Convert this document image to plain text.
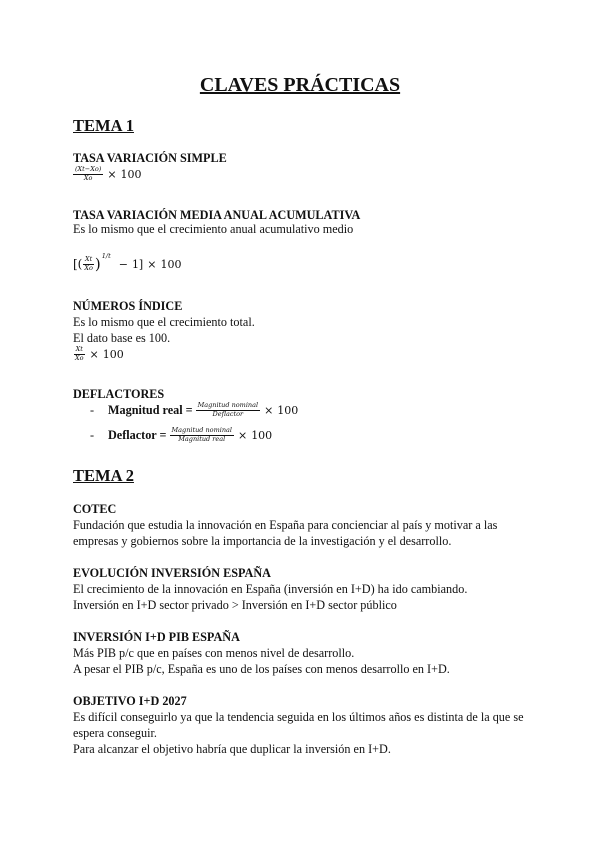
CLAVES PRÁCTICAS
TEMA 1
TASA VARIACIÓN SIMPLE
$\frac{(Xt-Xo)}{Xo} \times 100$
TASA VARIACIÓN MEDIA ANUAL ACUMULATIVA
Es lo mismo que el crecimiento anual acumulativo medio
[( $\frac{Xt}{Xo}$ ) 1/t
− 1] × 100
NÚMEROS ÍNDICE
Es lo mismo que el crecimiento total.
El dato base es 100.
$\frac{Xt}{Xo} \times 100$
DEFLACTORES
-	Magnitud real = $\frac{\text{Magnitud nominal}}{\text{Deflactor}} \times 100$
-	Deflactor = $\frac{\text{Magnitud nominal}}{\text{Magnitud real}} \times 100$
TEMA 2
COTEC
Fundación que estudia la innovación en España para concienciar al país y motivar a las
empresas y gobiernos sobre la importancia de la investigación y el desarrollo.
EVOLUCIÓN INVERSIÓN ESPAÑA
El crecimiento de la innovación en España (inversión en I+D) ha ido cambiando.
Inversión en I+D sector privado > Inversión en I+D sector público
INVERSIÓN I+D PIB ESPAÑA
Más PIB p/c que en países con menos nivel de desarrollo.
A pesar el PIB p/c, España es uno de los países con menos desarrollo en I+D.
OBJETIVO I+D 2027
Es difícil conseguirlo ya que la tendencia seguida en los últimos años es distinta de la que se
espera conseguir.
Para alcanzar el objetivo habría que duplicar la inversión en I+D.
